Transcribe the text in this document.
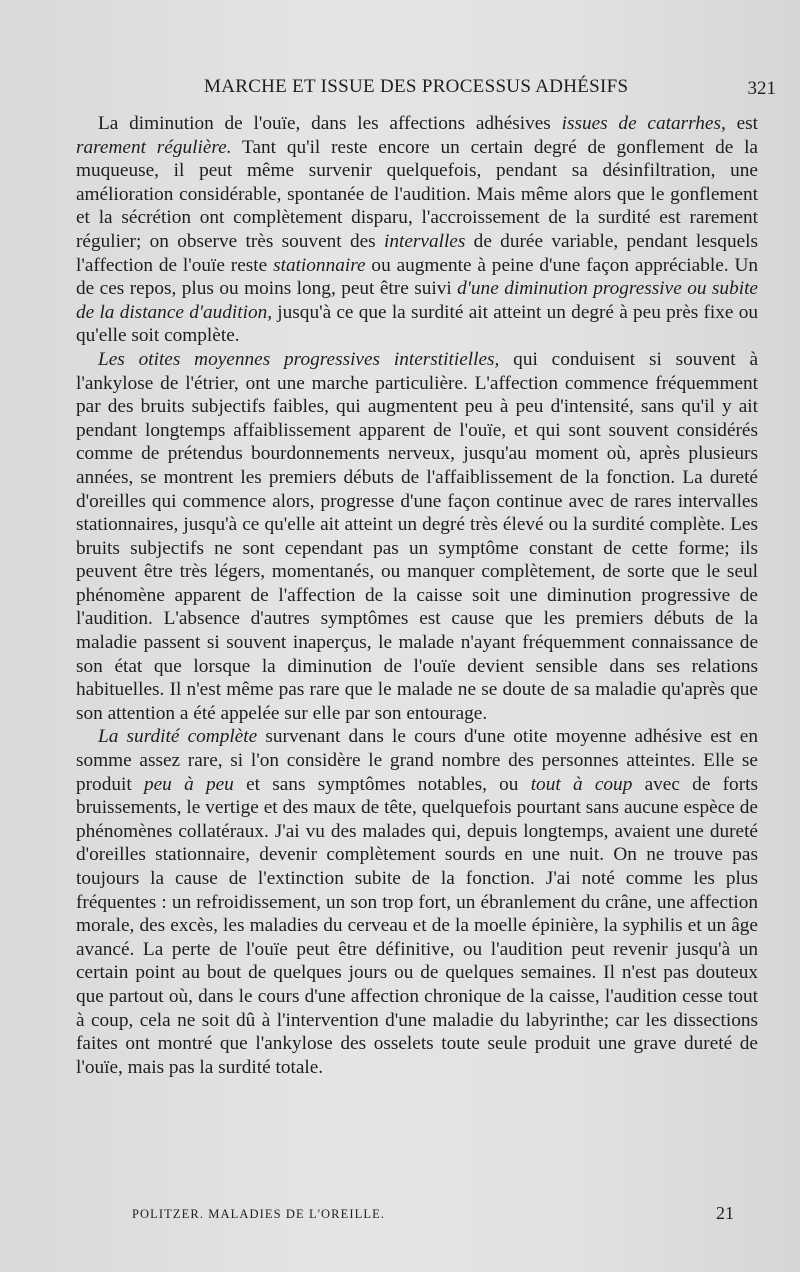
MARCHE ET ISSUE DES PROCESSUS ADHÉSIFS	321

La diminution de l'ouïe, dans les affections adhésives issues de catarrhes, est rarement régulière. Tant qu'il reste encore un certain degré de gonflement de la muqueuse, il peut même survenir quelquefois, pendant sa désinfiltration, une amélioration considérable, spontanée de l'audition. Mais même alors que le gonflement et la sécrétion ont complètement disparu, l'accroissement de la surdité est rarement régulier; on observe très souvent des intervalles de durée variable, pendant lesquels l'affection de l'ouïe reste stationnaire ou augmente à peine d'une façon appréciable. Un de ces repos, plus ou moins long, peut être suivi d'une diminution progressive ou subite de la distance d'audition, jusqu'à ce que la surdité ait atteint un degré à peu près fixe ou qu'elle soit complète.

Les otites moyennes progressives interstitielles, qui conduisent si souvent à l'ankylose de l'étrier, ont une marche particulière. L'affection commence fréquemment par des bruits subjectifs faibles, qui augmentent peu à peu d'intensité, sans qu'il y ait pendant longtemps affaiblissement apparent de l'ouïe, et qui sont souvent considérés comme de prétendus bourdonnements nerveux, jusqu'au moment où, après plusieurs années, se montrent les premiers débuts de l'affaiblissement de la fonction. La dureté d'oreilles qui commence alors, progresse d'une façon continue avec de rares intervalles stationnaires, jusqu'à ce qu'elle ait atteint un degré très élevé ou la surdité complète. Les bruits subjectifs ne sont cependant pas un symptôme constant de cette forme; ils peuvent être très légers, momentanés, ou manquer complètement, de sorte que le seul phénomène apparent de l'affection de la caisse soit une diminution progressive de l'audition. L'absence d'autres symptômes est cause que les premiers débuts de la maladie passent si souvent inaperçus, le malade n'ayant fréquemment connaissance de son état que lorsque la diminution de l'ouïe devient sensible dans ses relations habituelles. Il n'est même pas rare que le malade ne se doute de sa maladie qu'après que son attention a été appelée sur elle par son entourage.

La surdité complète survenant dans le cours d'une otite moyenne adhésive est en somme assez rare, si l'on considère le grand nombre des personnes atteintes. Elle se produit peu à peu et sans symptômes notables, ou tout à coup avec de forts bruissements, le vertige et des maux de tête, quelquefois pourtant sans aucune espèce de phénomènes collatéraux. J'ai vu des malades qui, depuis longtemps, avaient une dureté d'oreilles stationnaire, devenir complètement sourds en une nuit. On ne trouve pas toujours la cause de l'extinction subite de la fonction. J'ai noté comme les plus fréquentes : un refroidissement, un son trop fort, un ébranlement du crâne, une affection morale, des excès, les maladies du cerveau et de la moelle épinière, la syphilis et un âge avancé. La perte de l'ouïe peut être définitive, ou l'audition peut revenir jusqu'à un certain point au bout de quelques jours ou de quelques semaines. Il n'est pas douteux que partout où, dans le cours d'une affection chronique de la caisse, l'audition cesse tout à coup, cela ne soit dû à l'intervention d'une maladie du labyrinthe; car les dissections faites ont montré que l'ankylose des osselets toute seule produit une grave dureté de l'ouïe, mais pas la surdité totale.

POLITZER. MALADIES DE L'OREILLE.	21
